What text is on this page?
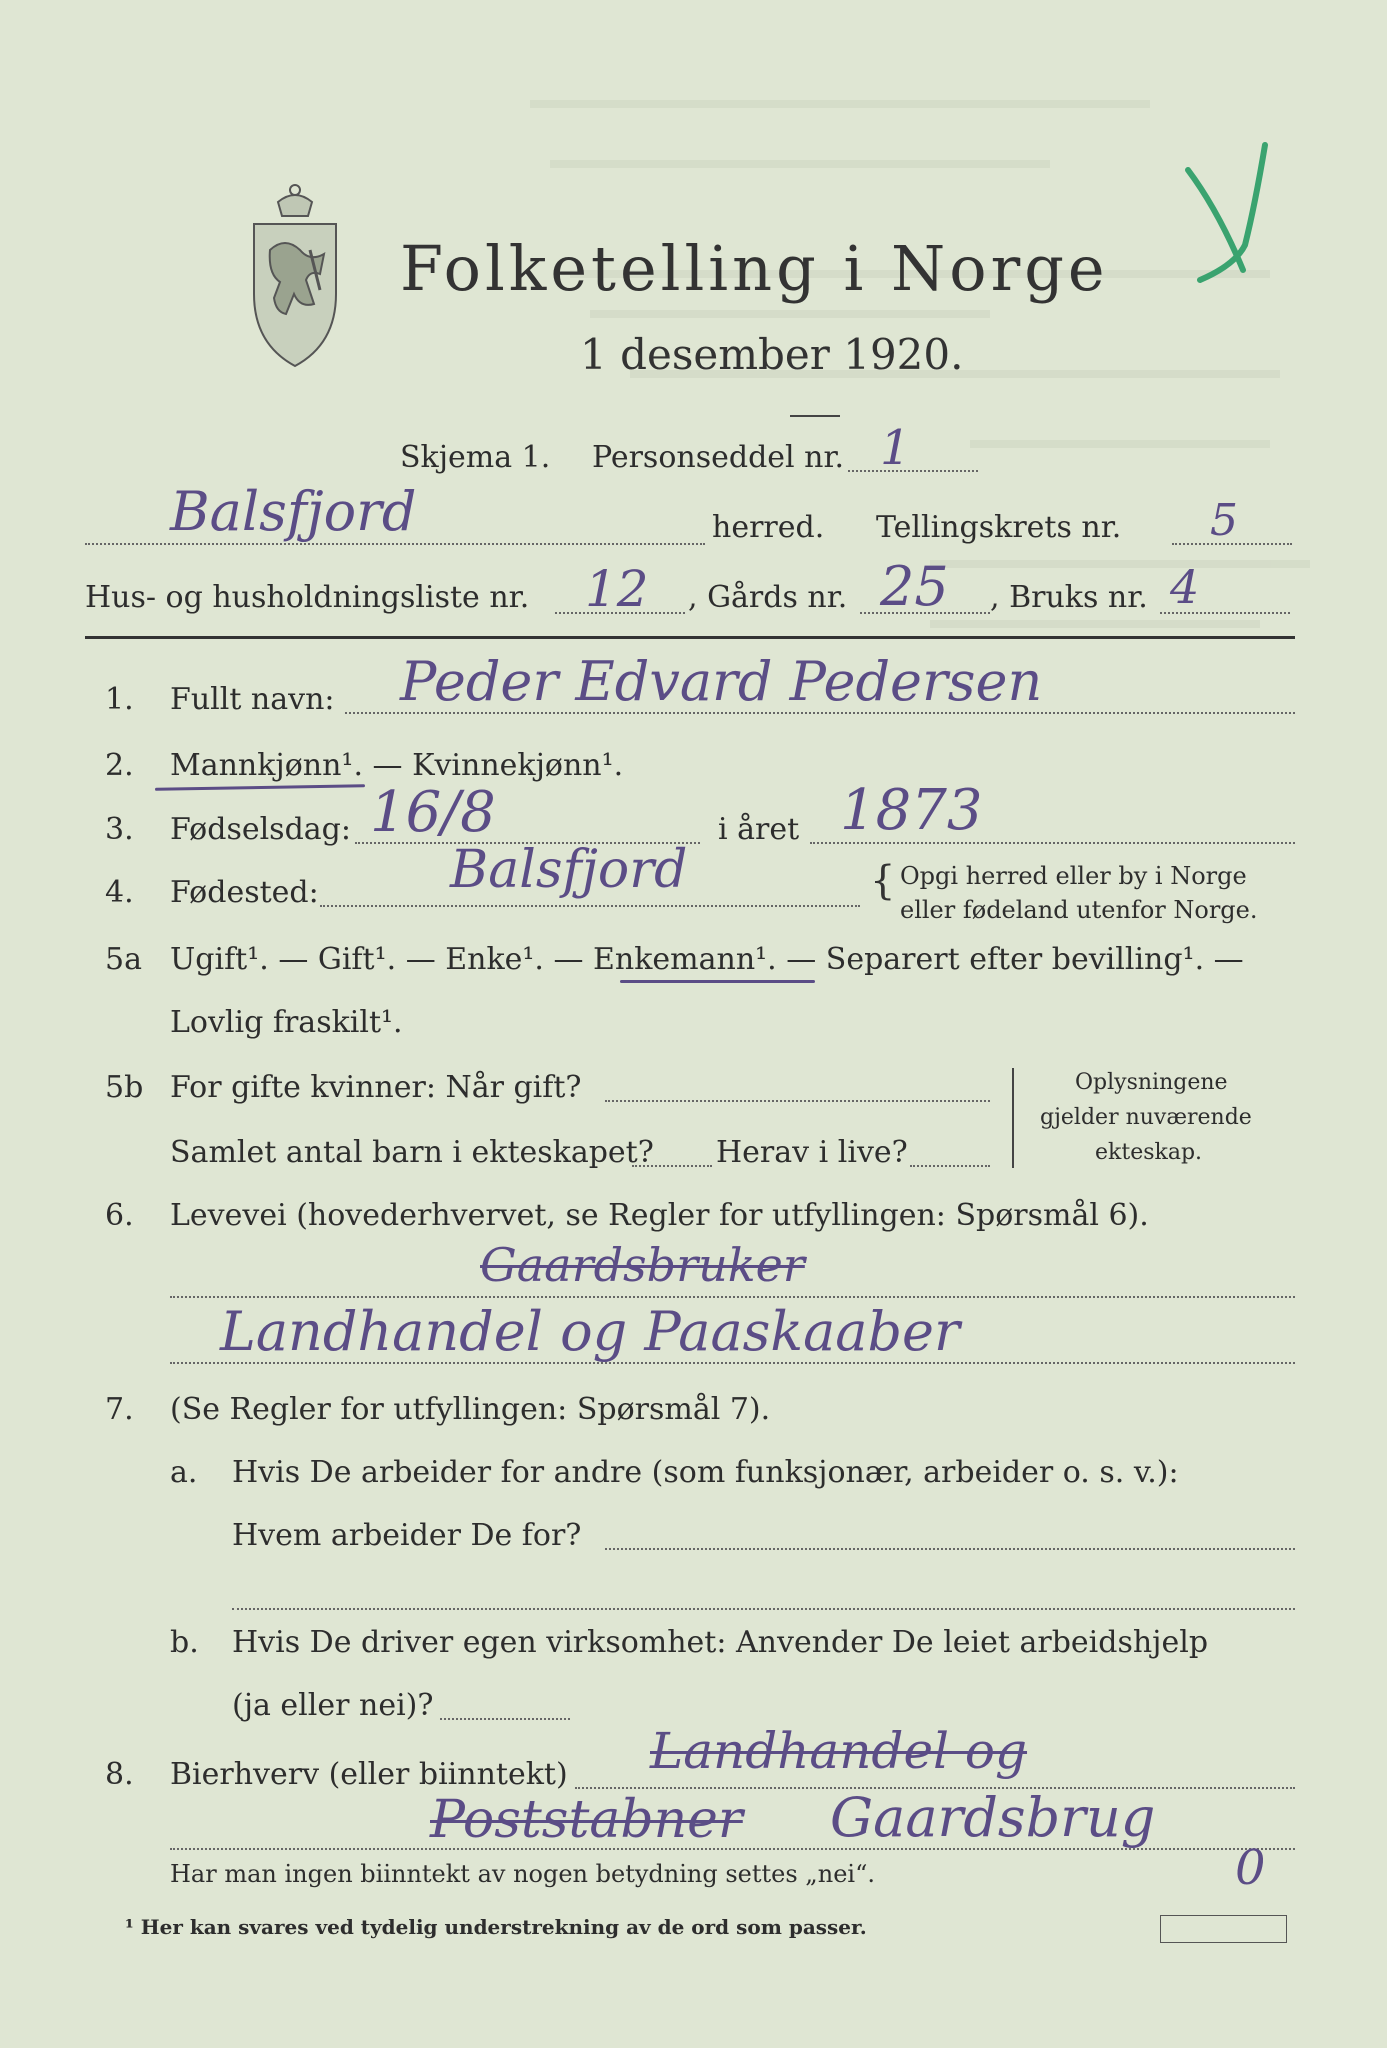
Folketelling i Norge
1 desember 1920.
Skjema 1. Personseddel nr. 1
Balsfjord	herred. Tellingskrets nr. 5
Hus- og husholdningsliste nr. 12 , Gårds nr. 25 , Bruks nr. 4
1. Fullt navn: Peder Edvard Pedersen
2. Mannkjønn¹. — Kvinnekjønn¹.
3. Fødselsdag: 16/8	i året 1873
4. Fødested:	Balsfjord	{ Opgi herred eller by i Norge
eller fødeland utenfor Norge.
5a Ugift¹. — Gift¹. — Enke¹. — Enkemann¹. — Separert efter bevilling¹. —
Lovlig fraskilt¹.
5b For gifte kvinner: Når gift?
Samlet antal barn i ekteskapet? Herav i live?
Oplysningene
gjelder nuværende
ekteskap.
6. Levevei (hovederhvervet, se Regler for utfyllingen: Spørsmål 6).
Gaardsbruker
Landhandel og Paaskaaber
7. (Se Regler for utfyllingen: Spørsmål 7).
a. Hvis De arbeider for andre (som funksjonær, arbeider o. s. v.):
Hvem arbeider De for?
b. Hvis De driver egen virksomhet: Anvender De leiet arbeidshjelp
(ja eller nei)?
8. Bierhverv (eller biinntekt) Landhandel og
Poststabner Gaardsbrug
0
Har man ingen biinntekt av nogen betydning settes „nei“.
¹ Her kan svares ved tydelig understrekning av de ord som passer.
